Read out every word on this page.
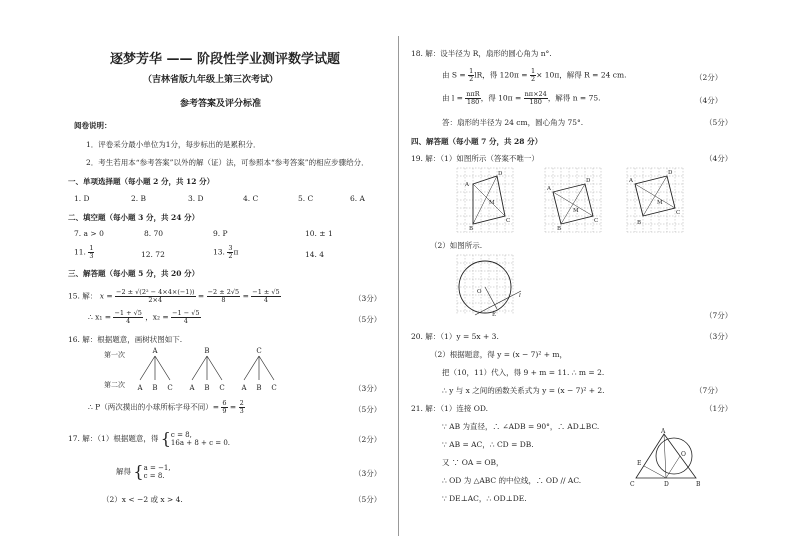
逐梦芳华 —— 阶段性学业测评数学试题
（吉林省版九年级上第三次考试）
参考答案及评分标准
阅卷说明：
1．评卷采分最小单位为1分，每步标出的是累积分．
2．考生若用本“参考答案”以外的解（证）法，可参照本“参考答案”的相应步骤给分．
一、单项选择题（每小题 2 分，共 12 分）
1. D	2. B	3. D	4. C	5. C	6. A
二、填空题（每小题 3 分，共 24 分）
7. a > 0	8. 70	9. P	10. ± 1
11. $\frac{1}{3}$	12. 72	13. $\frac{3}{2}$ π	14. 4
三、解答题（每小题 5 分，共 20 分）
15. 解： $x = \frac{\text{−2 ± √(2² − 4×4×(−1))}}{2\times 4} = \frac{-2 \pm 2√5}{8} = \frac{-1 \pm √5}{4}$	（3分）
∴ $x_1 = \frac{-1 + √5}{4}$ ，$x_2 = \frac{-1 - √5}{4}$	（5分）
16. 解：根据题意，画树状图如下.
第一次
第二次
A	B	C
A B C A B C A B C	（3分）
∴ P（两次摸出的小球所标字母不同）= $\frac{6}{9} = \frac{2}{3}$	（5分）
17. 解：（1）根据题意，得 {c = 8,
16a + 8 + c = 0.	（2分）
解得 {a = −1,
c = 8.	（3分）
（2）x < −2 或 x > 4.	（5分）
18. 解：设半径为 R，扇形的圆心角为 n°.
由 $S = \frac{1}{2}$ lR，得 $120\pi = \frac{1}{2} \times 10\pi$，解得 R = 24 cm.	（2分）
由 $l = \frac{\text{nπR}}{180}$ ，得 $10\pi = \frac{n\pi\times 24}{180}$ ，解得 n = 75.	（4分）
答：扇形的半径为 24 cm，圆心角为 75°.	（5分）
四、解答题（每小题 7 分，共 28 分）
19. 解：（1）如图所示（答案不唯一）	（4分）
A
B
C
D
M
A
B
C
D
M
A
B
C
D
M
（2）如图所示.
O
E
l
（7分）
20. 解：（1）y = 5x + 3.	（3分）
（2）根据题意，得 y = (x − 7)² + m，
把（10，11）代入，得 9 + m = 11. ∴ m = 2.
∴ y 与 x 之间的函数关系式为 y = (x − 7)² + 2.	（7分）
21. 解：（1）连接 OD.	（1分）
∵ AB 为直径，∴ ∠ADB = 90°，∴ AD⊥BC.
∵ AB = AC，∴ CD = DB.
又 ∵ OA = OB，
∴ OD 为 △ABC 的中位线，∴ OD // AC.
∵ DE⊥AC，∴ OD⊥DE.
A
E
O
C	D	B
